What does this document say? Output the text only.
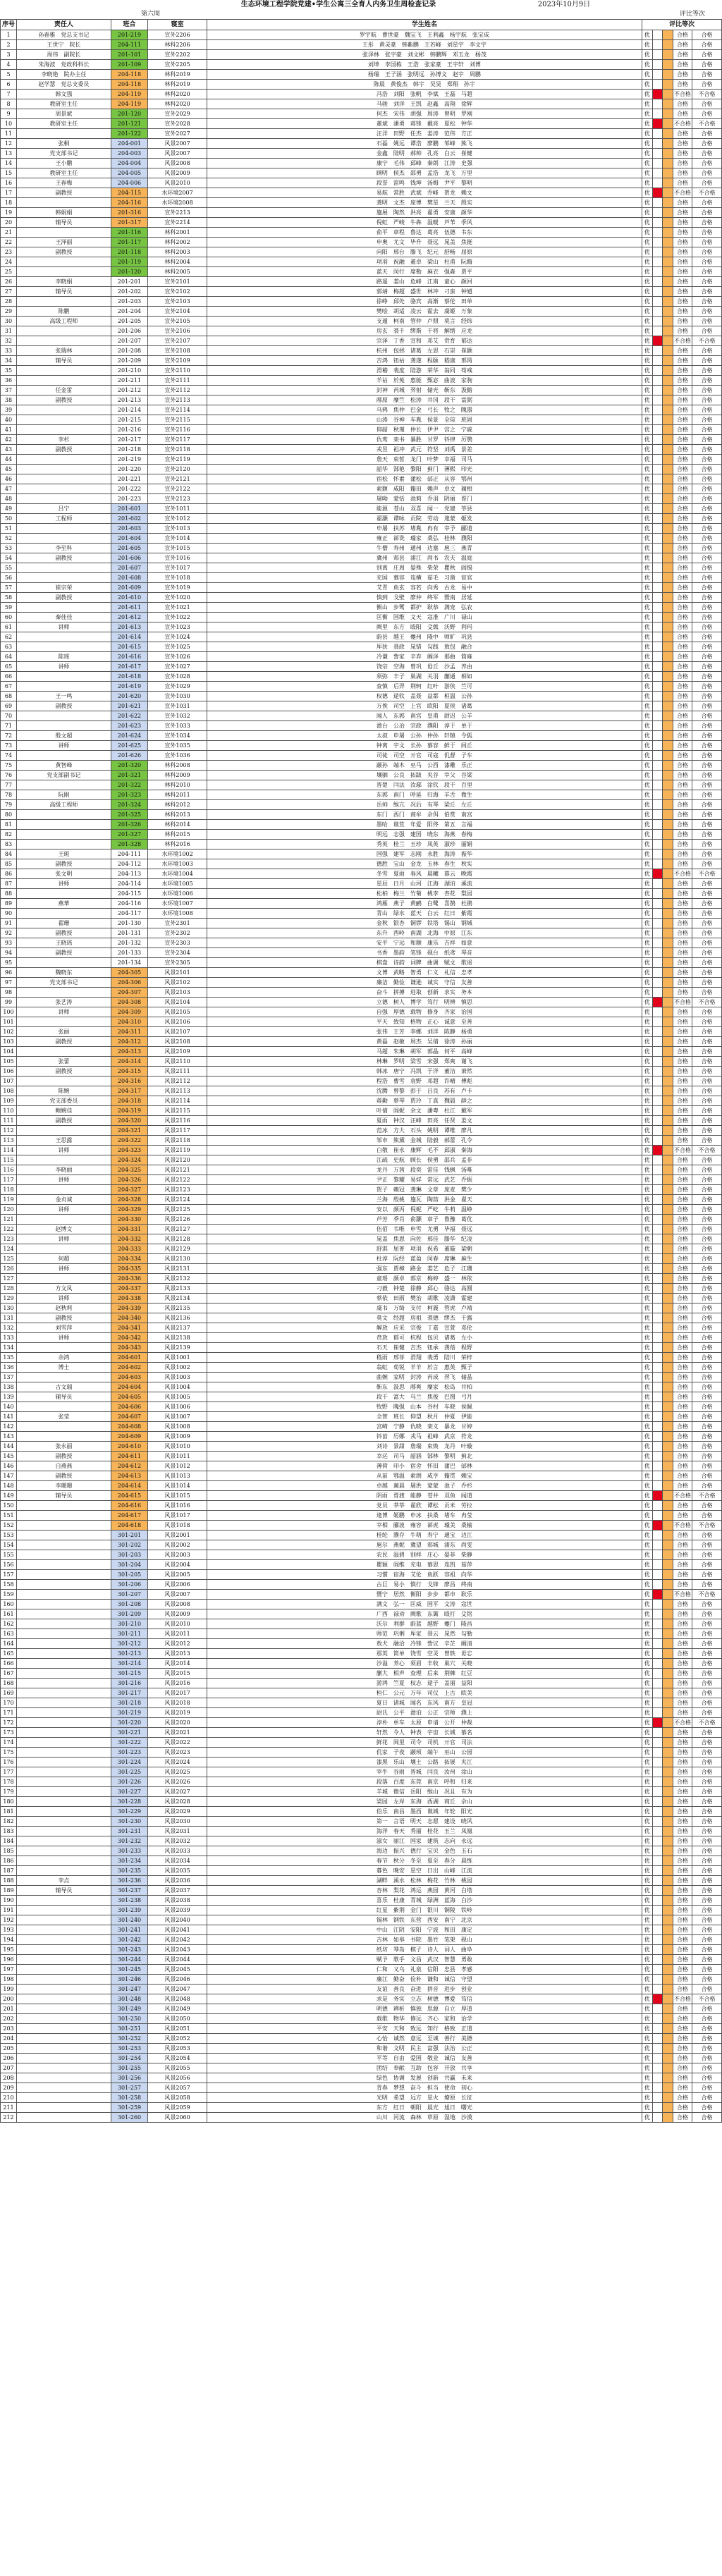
生态环境工程学院党建•学生公寓三全育人内务卫生周检查记录	2023年10月9日
第六周	评比等次
序号	责任人	班合	寝室	学生姓名	评比等次				
1	孙春雅　党总支书记	201-219	宣外2206	罗宇航　曹世豪　魏宝飞　王利鑫　杨宇航　张宝成	优			合格	合格
2	王世宁　院长	204-111	林科2206	王彤　黄灵豪　韩紫鹏　王若峰　刘星宇　李文宇	优			合格	合格
3	周伟　副院长	201-101	宣外2202	张泽林　张宇豪　刘文彬　韩鹏辉　邓玉龙　杨茂	优			合格	合格
4	朱海波　党政科科长	201-109	宣外2205	刘坤　李国栋　王浩　张家豪　王宇轩　刘博	优			合格	合格
5	李晓艳　院办主任	204-118	林科2019	杨瑞　王子涵　张明远　孙博文　赵宇　周鹏	优			合格	合格
6	赵学慧　党总支委员	204-118	林科2019	陈晨　黄俊杰　韩宇　吴昊　郑翔　孙宇	优			合格	合格
7	韩文强	204-119	林科2020	冯浩　刘阳　张帆　李斌　王磊　马超	优			不合格	不合格
8	教研室主任	204-119	林科2020	马骏　刘洋　王凯　赵鑫　高翔　徐辉	优			合格	合格
9	周景斌	201-120	宣外2029	何杰　宋伟　胡强　周涛　曾明　罗刚	优			合格	合格
10	教研室主任	201-121	宣外2028	董斌　潘勇　蒋锋　戴亮　夏松　钟华	优			不合格	不合格
11		201-122	宣外2027	汪洋　田野　任杰　姜涛　范伟　方正	优			合格	合格
12	张桐	204-001	风景2007	石磊　姚远　谭浩　廖鹏　邹峰　熊飞	优			合格	合格
13	党支部书记	204-003	风景2007	金鑫　陆明　郝帅　孔亮　白云　崔健	优			合格	合格
14	王小鹏	204-004	风景2008	康宁　毛伟　邱峰　秦朗　江涛　史强	优			合格	合格
15	教研室主任	204-005	风景2009	顾明　侯杰　邵勇　孟浩　龙飞　万里	优			合格	合格
16	王春梅	204-006	风景2010	段誉　雷鸣　钱坤　汤姆　尹平　黎明	优			合格	合格
17	副教授	204-115	水环境2007	易航　常胜　武斌　乔峰　贺龙　赖文	优			不合格	不合格
18		204-116	水环境2008	龚明　文杰　庞博　樊星　兰天　殷实	优			合格	合格
19	韩娟娟	201-316	宣外2213	施展　陶然　洪亮　翟勇　安康　颜华	优			合格	合格
20	辅导员	201-317	宣外2214	倪虹　严峻　牛犇　温暖　芦苇　季风	优			合格	合格
21		201-116	林科2001	俞平　章程　鲁达　葛亮　伍德　韦东	优			合格	合格
22	王泽丽	201-117	林科2002	申奥　尤文　毕升　聂远　晁盖　焦挺	优			合格	合格
23	副教授	201-118	林科2003	向阳　邢台　滕飞　纪元　舒畅　屈原	优			合格	合格
24		201-119	林科2004	项羽　祝融　董卓　梁山　杜甫　阮籍	优			合格	合格
25		201-120	林科2005	蓝天　闵行　席勒　麻衣　强森　贾平	优			合格	合格
26	李晓娟	201-201	宣外2101	路遥　娄山　危峰　江南　童心　颜回	优			合格	合格
27	辅导员	201-202	宣外2102	郭靖　梅超　盛世　林冲　刁蛮　钟馗	优			合格	合格
28		201-203	宣外2103	徐峥　邱处　骆宾　高渐　蔡伦　田单	优			合格	合格
29	陈鹏	201-204	宣外2104	樊哙　胡适　凌云　霍去　虞姬　万象	优			合格	合格
30	高级工程师	201-205	宣外2105	支遁　柯南　管仲　卢照　莫言　经纬	优			合格	合格
31		201-206	宣外2106	房玄　裘千　缪斯　干将　解缙　应龙	优			合格	合格
32		201-207	宣外2107	宗泽　丁香　宣和　邓艾　贲育　郁达	优			不合格	不合格
33	张瑞林	201-208	宣外2108	杭州　包拯　诸葛　左思　石崇　崔颢	优			合格	合格
34	辅导员	201-209	宣外2109	吉鸿　钮祜　龚遂　程颐　嵇康　邢昺	优			合格	合格
35		201-210	宣外2110	滑稽　裴度　陆游　荣华　翁同　荀彧	优			合格	合格
36		201-211	宣外2111	羊祜　於菟　惠能　甄宓　曲波　家驹	优			合格	合格
37	任金雷	201-212	宣外2112	封神　芮城　羿射　储光　靳东　汲黯	优			合格	合格
38	副教授	201-213	宣外2113	邴原　糜竺　松涛　井冈　段干　富弼	优			合格	合格
39		201-214	宣外2114	乌鸦　焦仲　巴金　弓长　牧之　隗嚣	优			合格	合格
40		201-215	宣外2115	山涛　谷神　车胤　侯景　全琮　班固	优			合格	合格
41		201-216	宣外2116	仰韶　秋瑾　仲长　伊尹　宫之　宁戚	优			合格	合格
42	李杉	201-217	宣外2117	仇鸾　栾书　暴胜　甘罗　钭律　厉鹗	优			合格	合格
43	副教授	201-218	宣外2118	戎昱　祖冲　武元　符坚　刘禹　景差	优			合格	合格
44		201-219	宣外2119	詹天　束皙　龙门　叶梦　幸福　司马	优			合格	合格
45		201-220	宣外2120	韶华　郜艳　黎阳　蓟门　薄熙　印光	优			合格	合格
46		201-221	宣外2121	宿松　怀素　蒲松　邰正　从容　鄂州	优			合格	合格
47		201-222	宣外2122	索额　咸阳　籍田　赖声　卓文　蔺相	优			合格	合格
48		201-223	宣外2123	屠呦　蒙恬　池莉　乔羽　阴丽　胥门	优			合格	合格
49	吕宁	201-601	宣外1011	能源　苍山　双喜　闻一　党建　莘县	优			合格	合格
50	工程师	201-602	宣外1012	翟灏　谭咏　贡院　劳动　逄蒙　姬发	优			合格	合格
51		201-603	宣外1013	申屠　扶苏　堵胤　冉有　宰予　郦道	优			合格	合格
52		201-604	宣外1014	雍正　郤诜　璩家　桑弘　桂林　濮阳	优			合格	合格
53	李至科	201-605	宣外1015	牛僧　寿州　通州　边塞　扈三　燕青	优			合格	合格
54	副教授	201-606	宣外1016	冀州　郏县　浦江　尚书　农夫　温庭	优			合格	合格
55		201-607	宣外1017	别离　庄周　晏殊　柴荣　瞿秋　阎锡	优			合格	合格
56		201-608	宣外1018	充国　慕容　连横　茹毛　习凿　宦官	优			合格	合格
57	崔宗荣	201-609	宣外1019	艾青　鱼玄　容若　向秀　古龙　易中	优			合格	合格
58	副教授	201-610	宣外1020	慎到　戈壁　廖仲　终军　暨南　居延	优			合格	合格
59		201-611	宣外1021	衡山　步骘　都护　耿恭　满宠　弘农	优			合格	合格
60	秦佳佳	201-612	宣外1022	匡衡　国维　文天　寇准　广川　禄山	优			合格	合格
61	讲师	201-613	宣外1023	阙里　东方　殴阳　殳戟　沃野　利玛	优			合格	合格
62		201-614	宣外1024	蔚县　越王　夔州　隆中　师旷　巩县	优			合格	合格
63		201-615	宣外1025	厍狄　聂政　晁错　勾践　敖包　融合	优			合格	合格
64	陈瑶	201-616	宣外1026	冷谦　訾家　辛弃　阚泽　那曲　简雍	优			合格	合格
65	讲师	201-617	宣外1027	饶宗　空海　曾巩　毋丘　沙孟　养由	优			合格	合格
66		201-618	宣外1028	须弥　丰子　巢湖　关羽　蒯通　相如	优			合格	合格
67		201-619	宣外1029	查慎　后羿　荆轲　红叶　游侠　竺可	优			合格	合格
68	王一鸣	201-620	宣外1030	权德　逯钦　盖聂　益都　桓温　公孙	优			合格	合格
69	副教授	201-621	宣外1031	万俟　司空　上官　欧阳　夏侯　诸葛	优			合格	合格
70		201-622	宣外1032	闻人　东郭　南宫　皇甫　尉迟　公羊	优			合格	合格
71		201-623	宣外1033	澹台　公冶　宗政　濮阳　淳于　单于	优			合格	合格
72	殷文超	201-624	宣外1034	太叔　申屠　公孙　仲孙　轩辕　令狐	优			合格	合格
73	讲师	201-625	宣外1035	钟离　宇文　长孙　慕容　鲜于　闾丘	优			合格	合格
74		201-626	宣外1036	司徒　司空　亓官　司寇　仉督　子车	优			合格	合格
75	黄智峰	201-320	林科2008	颛孙　端木　巫马　公西　漆雕　乐正	优			合格	合格
76	党支部副书记	201-321	林科2009	壤驷　公良　拓跋　夹谷　宰父　谷梁	优			合格	合格
77		201-322	林科2010	晋楚　闫法　汝鄢　涂钦　段干　百里	优			合格	合格
78	阮刚	201-323	林科2011	东郭　南门　呼延　归海　羊舌　微生	优			合格	合格
79	高级工程师	201-324	林科2012	岳帅　缑亢　况后　有琴　梁丘　左丘	优			合格	合格
80		201-325	林科2013	东门　西门　商牟　佘佴　伯赏　南宫	优			合格	合格
81		201-326	林科2014	墨哈　谯笪　年爱　阳佟　第五　言福	优			合格	合格
82		201-327	林科2015	明远　志强　建国　晓东　海燕　春梅	优			合格	合格
83		201-328	林科2016	秀英　桂兰　玉珍　凤英　淑珍　丽娟	优			合格	合格
84	王斑	204-111	水环境1002	国强　建军　志刚　永胜　海涛　振华	优			合格	合格
85	副教授	204-112	水环境1003	德胜　宝山　金龙　玉林　春生　秋实	优			合格	合格
86	张文明	204-113	水环境1004	冬雪　夏雨　春风　晨曦　暮云　晚霞	优			不合格	不合格
87	讲师	204-114	水环境1005	星辰　日月　山河　江海　湖泊　溪流	优			合格	合格
88		204-115	水环境1006	松柏　梅兰　竹菊　桃李　杏花　梨园	优			合格	合格
89	燕華	204-116	水环境1007	鸿雁　燕子　黄鹂　白鹭　喜鹊　杜鹃	优			合格	合格
90		204-117	水环境1008	青山　绿水　蓝天　白云　红日　紫霞	优			合格	合格
91	翟珊	201-130	宣外2301	金秋　银杏　铜锣　铁塔　锡山　钢城	优			合格	合格
92	副教授	201-131	宣外2302	东升　西岭　南湖　北海　中原　江东	优			合格	合格
93	王晓瑶	201-132	宣外2303	安平　宁远　和顺　康乐　吉祥　如意	优			合格	合格
94	副教授	201-133	宣外2304	书香　墨韵　笔锋　砚台　纸鸢　琴音	优			合格	合格
95		201-134	宣外2305	棋盘　诗韵　词牌　曲调　赋文　歌谣	优			合格	合格
96	魏晓东	204-305	风景2101	文博　武略　智勇　仁义　礼信　忠孝	优			合格	合格
97	党支部书记	204-306	风景2102	廉洁　勤俭　谦逊　诚实　守信　友善	优			合格	合格
98		204-307	风景2103	奋斗　拼搏　进取　创新　求实　务本	优			合格	合格
99	张艺涛	204-308	风景2104	立德　树人　博学　笃行　明辨　慎思	优			不合格	不合格
100	讲师	204-309	风景2105	自强　厚德　载物　修身　齐家　治国	优			合格	合格
101		204-310	风景2106	平天　致知　格物　正心　诚意　至善	优			合格	合格
102	张丽	204-311	风景2107	张伟　王芳　李娜　刘洋　陈静　杨勇	优			合格	合格
103	副教授	204-312	风景2108	黄磊　赵敏　周杰　吴倩　徐涛　孙丽	优			合格	合格
104		204-313	风景2109	马超　朱琳　胡军　郭晶　何平　高峰	优			合格	合格
105	张蕾	204-314	风景2110	林琳　罗明　梁雪　宋强　郑爽　谢飞	优			合格	合格
106	副教授	204-315	风景2111	韩冰　唐宁　冯凯　于洋　董洁　萧然	优			合格	合格
107		204-316	风景2112	程浩　曹雪　袁野　邓超　许晴　傅彪	优			合格	合格
108	陈婉	204-317	风景2113	沈腾　曾黎　彭于　吕良　苏有　卢卡	优			合格	合格
109	党支部委员	204-318	风景2114	蒋勤　蔡琴　贾玲　丁真　魏晨　薛之	优			合格	合格
110	鲍婉佳	204-319	风景2115	叶倩　阎妮　余文　潘粤　杜江　戴军	优			合格	合格
111	副教授	204-320	风景2116	夏雨　钟汉　汪峰　田亮　任贤　姜文	优			合格	合格
112		204-321	风景2117	范冰　方大　石头　姚明　谭维　廖凡	优			合格	合格
113	王思露	204-322	风景2118	邹市　熊黛　金城　陆毅　郝蕾　孔令	优			合格	合格
114	讲师	204-323	风景2119	白敬　崔永　康辉　毛不　邱淑　秦海	优			不合格	不合格
115		204-324	风景2120	江疏　史航　顾长　侯勇　邵兵　孟非	优			合格	合格
116	李晓丽	204-325	风景2121	龙丹　万茜　段奕　雷佳　钱枫　汤唯	优			合格	合格
117	讲师	204-326	风景2122	尹正　黎耀　易烊　常远　武艺　乔振	优			合格	合格
118		204-327	风景2123	贺子　赖冠　龚琳　文章　庞麦　樊少	优			合格	合格
119	金贞诚	204-328	风景2124	兰海　殷桃　施瓦　陶喆　洪金　翟天	优			合格	合格
120	讲师	204-329	风景2125	安以　颜丙　倪妮　严屹　牛莉　温峥	优			合格	合格
121		204-330	风景2126	芦芳　季肖　俞灏　章子　鲁豫　葛优	优			合格	合格
122	赵博文	204-331	风景2127	伍佰　韦唯　申雪　尤勇　毕福　聂远	优			合格	合格
123	讲师	204-332	风景2128	晁盖　焦恩　向佐　邢佳　滕华　纪凌	优			合格	合格
124		204-333	风景2129	舒淇　屈菁　项羽　祝希　董璇　梁朝	优			合格	合格
125	何超	204-334	风景2130	杜淳　阮经　蓝盈　闵春　席琳　麻生	优			合格	合格
126	讲师	204-335	风景2131	强东　贾樟　路金　娄艺　危子　江珊	优			合格	合格
127		204-336	风景2132	童瑶　颜卓　郭京　梅婷　盛一　林依	优			合格	合格
128	方文凤	204-337	风景2133	刁毅　钟楚　徐静　邱心　骆达　高圆	优			合格	合格
129	讲师	204-338	风景2134	蔡依　田雨　樊治　胡歌　凌潇　霍建	优			合格	合格
130	赵秋莉	204-339	风景2135	虞书　万绮　支付　柯震　管虎　卢靖	优			合格	合格
131	副教授	204-340	风景2136	莫文　经超　房祖　裘德　缪杰　干露	优			合格	合格
132	刘雪萍	204-341	风景2137	解放　应采　宗俊　丁嘉　宣萱　邓伦	优			合格	合格
133	讲师	204-342	风景2138	贲放　郁可　杭程　包贝　诸葛　左小	优			合格	合格
134		204-343	风景2139	石天　崔健　吉杰　钮承　龚蓓　程野	优			合格	合格
135	余鸿	204-601	风景1001	嵇雨　邢菲　滑翔　裴勇　陆川　荣梓	优			合格	合格
136	博士	204-602	风景1002	翁虹　荀锐　羊羊　於言　惠英　甄子	优			合格	合格
137		204-603	风景1003	曲婉　家明　封涛　芮成　羿飞　储晶	优			合格	合格
138	古文瑞	204-604	风景1004	靳东　汲思　邴爽　糜家　松岛　井柏	优			合格	合格
139	辅导员	204-605	风景1005	段干　富大　乌兰　焦俊　巴图　弓月	优			合格	合格
140		204-606	风景1006	牧野　隗强　山本　谷村　车晓　侯佩	优			合格	合格
141	张莹	204-607	风景1007	全智　班长　仰望　秋月　仲夏　伊能	优			合格	合格
142		204-608	风景1008	宫崎　宁静　仇晓　栾义　暴龙　甘婷	优			合格	合格
143		204-609	风景1009	钭苗　厉娜　戎马　祖峰　武京　符龙	优			合格	合格
144	张永丽	204-610	风景1010	刘诗　景甜　詹瑞　束焕　龙丹　叶璇	优			合格	合格
145	副教授	204-611	风景1011	幸运　司马　韶涵　郜林　黎明　蓟北	优			合格	合格
146	白燕燕	204-612	风景1012	薄荷　印小　宿舍　怀旧　蒲巴　邰林	优			合格	合格
147	副教授	204-613	风景1013	从前　鄂温　索朗　咸亨　籍贯　赖宝	优			合格	合格
148	李珊珊	204-614	风景1014	卓越　蔺晨　屠洪　蒙蒙　池子　乔杉	优			合格	合格
149	辅导员	204-615	风景1015	阴雨　胥渡　能静　苍井　双鱼　闻道	优			不合格	不合格
150		204-616	风景1016	党员　莘莘　翟欣　谭松　贡米　劳拉	优			合格	合格
151		204-617	风景1017	逄博　姬鹏　申冰　扶桑　堵车　冉莹	优			合格	合格
152		204-618	风景1018	宰相　郦波　雍容　郤虎　璩美　桑榆	优			不合格	不合格
153		301-201	风景2001	桂纶　濮存　牛萌　寿宁　通宝　边江	优			合格	合格
154		301-202	风景2002	扈尔　燕妮　冀望　郏城　浦东　尚雯	优			合格	合格
155		301-203	风景2003	农民　温碧　别样　庄心　晏菲　柴静	优			合格	合格
156		301-204	风景2004	瞿颖　阎维　充电　慕思　连凯　茹萍	优			合格	合格
157		301-205	风景2005	习惯　宦海　艾伦　鱼跃　容祖　向华	优			合格	合格
158		301-206	风景2006	古巨　易小　慎行　戈锋　廖昌　终南	优			合格	合格
159		301-207	风景2007	暨宁　居然　衡阳　步步　都市　耿乐	优			不合格	不合格
160		301-208	风景2008	满文　弘一　匡威　国平　文涛　寇世	优			合格	合格
161		301-209	风景2009	广西　禄劝　阙歌　东篱　殴打　殳铭	优			合格	合格
162		301-210	风景2010	沃尔　利群　蔚蓝　越野　夔门　隆昌	优			合格	合格
163		301-211	风景2011	师范　巩俐　厍家　聂云　晁然　勾勒	优			合格	合格
164		301-212	风景2012	敖犬　融洽　冷锋　訾议　辛芷　阚清	优			合格	合格
165		301-213	风景2013	那英　简单　饶雪　空灵　曾轶　毋忘	优			合格	合格
166		301-214	风景2014	沙溢　养心　须眉　丰收　巢穴　关晓	优			合格	合格
167		301-215	风景2015	蒯大　相声　查理　后来　荆棘　红豆	优			合格	合格
168		301-216	风景2016	游鸿　竺夏　权志　逯子　盖丽　益阳	优			合格	合格
169		301-217	风景2017	桓仁　公元　万年　司仪　上古　欧美	优			合格	合格
170		301-218	风景2018	夏日　诸城　闻名　东风　南方　皇冠	优			合格	合格
171		301-219	风景2019	尉氏　公平　澹泊　公正　宗师　濮上	优			合格	合格
172		301-220	风景2020	淳朴　单车　太原　申请　公开　仲裁	优			不合格	不合格
173		301-221	风景2021	轩然　令人　钟表　宇宙　长城　慕名	优			合格	合格
174		301-222	风景2022	鲜花　闾里　司令　司机　亓官　司法	优			合格	合格
175		301-223	风景2023	仉家　子夜　颛顼　端午　巫山　公园	优			合格	合格
176		301-224	风景2024	漆黑　乐山　壤土　公路　拓展　夹江	优			合格	合格
177		301-225	风景2025	宰牛　谷雨　晋城　闫良　汝州　涂山	优			合格	合格
178		301-226	风景2026	段落　百度　东莞　南京　呼和　归来	优			合格	合格
179		301-227	风景2027	羊城　微信　岳阳　缑山　况且　有为	优			合格	合格
180		301-228	风景2028	梁园　左岸　东海　西湖　商丘　佘山	优			合格	合格
181		301-229	风景2029	伯乐　南昌　墨西　谯城　年轮　阳光	优			合格	合格
182		301-230	风景2030	第一　言语　明天　志愿　建设　晓风	优			合格	合格
183		301-231	风景2031	海洋　春天　秀丽　桂花　玉兰　凤凰	优			合格	合格
184		301-232	风景2032	淑女　丽江　国家　建筑　志向　永远	优			合格	合格
185		301-233	风景2033	海边　振兴　德行　宝贝　金色　玉石	优			合格	合格
186		301-234	风景2034	春节　秋分　冬至　夏至　春分　晨练	优			合格	合格
187		301-235	风景2035	暮色　晚安　星空　日出　山峰　江流	优			合格	合格
188	李点	301-236	风景2036	湖畔　溪水　松林　梅花　竹林　桃园	优			合格	合格
189	辅导员	301-237	风景2037	杏林　梨花　鸿运　燕园　黄河　白塔	优			合格	合格
190		301-238	风景2038	喜乐　杜康　青城　绿洲　蓝海　白沙	优			合格	合格
191		301-239	风景2039	红星　紫荆　金门　银川　铜陵　铁岭	优			合格	合格
192		301-240	风景2040	锡林　钢铁　东营　西安　南宁　北京	优			合格	合格
193		301-241	风景2041	中山　江阴　安阳　宁波　和田　康定	优			合格	合格
194		301-242	风景2042	吉林　如皋　书院　墨竹　笔架　砚山	优			合格	合格
195		301-243	风景2043	纸坊　琴岛　棋子　诗人　词人　曲阜	优			合格	合格
196		301-244	风景2044	赋予　歌手　文昌　武汉　智慧　勇敢	优			合格	合格
197		301-245	风景2045	仁和　义乌　礼泉　信阳　忠县　孝感	优			合格	合格
198		301-246	风景2046	廉江　勤奋　俭朴　谦和　诚信　守望	优			合格	合格
199		301-247	风景2047	友谊　善良　奋进　拼音　进步　创业	优			合格	合格
200		301-248	风景2048	求是　务实　立志　树德　博爱　笃信	优			不合格	不合格
201		301-249	风景2049	明德　辨析　慎独　思源　自立　厚道	优			合格	合格
202		301-250	风景2050	载歌　物华　修远　齐心　家和　治学	优			合格	合格
203		301-251	风景2051	平安　天和　致远　知行　格致　正道	优			合格	合格
204		301-252	风景2052	心怡　诚然　意远　至诚　善行　美德	优			合格	合格
205		301-253	风景2053	和谐　文明　民主　富强　法治　公正	优			合格	合格
206		301-254	风景2054	平等　自由　爱国　敬业　诚信　友善	优			合格	合格
207		301-255	风景2055	团结　奉献　互助　包容　开放　共享	优			合格	合格
208		301-256	风景2056	绿色　协调　发展　创新　共赢　未来	优			合格	合格
209		301-257	风景2057	青春　梦想　奋斗　担当　使命　初心	优			合格	合格
210		301-258	风景2058	光明　希望　远方　星火　燎原　长征	优			合格	合格
211		301-259	风景2059	东方　红日　朝阳　晨光　旭日　曙光	优			合格	合格
212		301-260	风景2060	山川　河流　森林　草原　湿地　沙漠	优			合格	合格
